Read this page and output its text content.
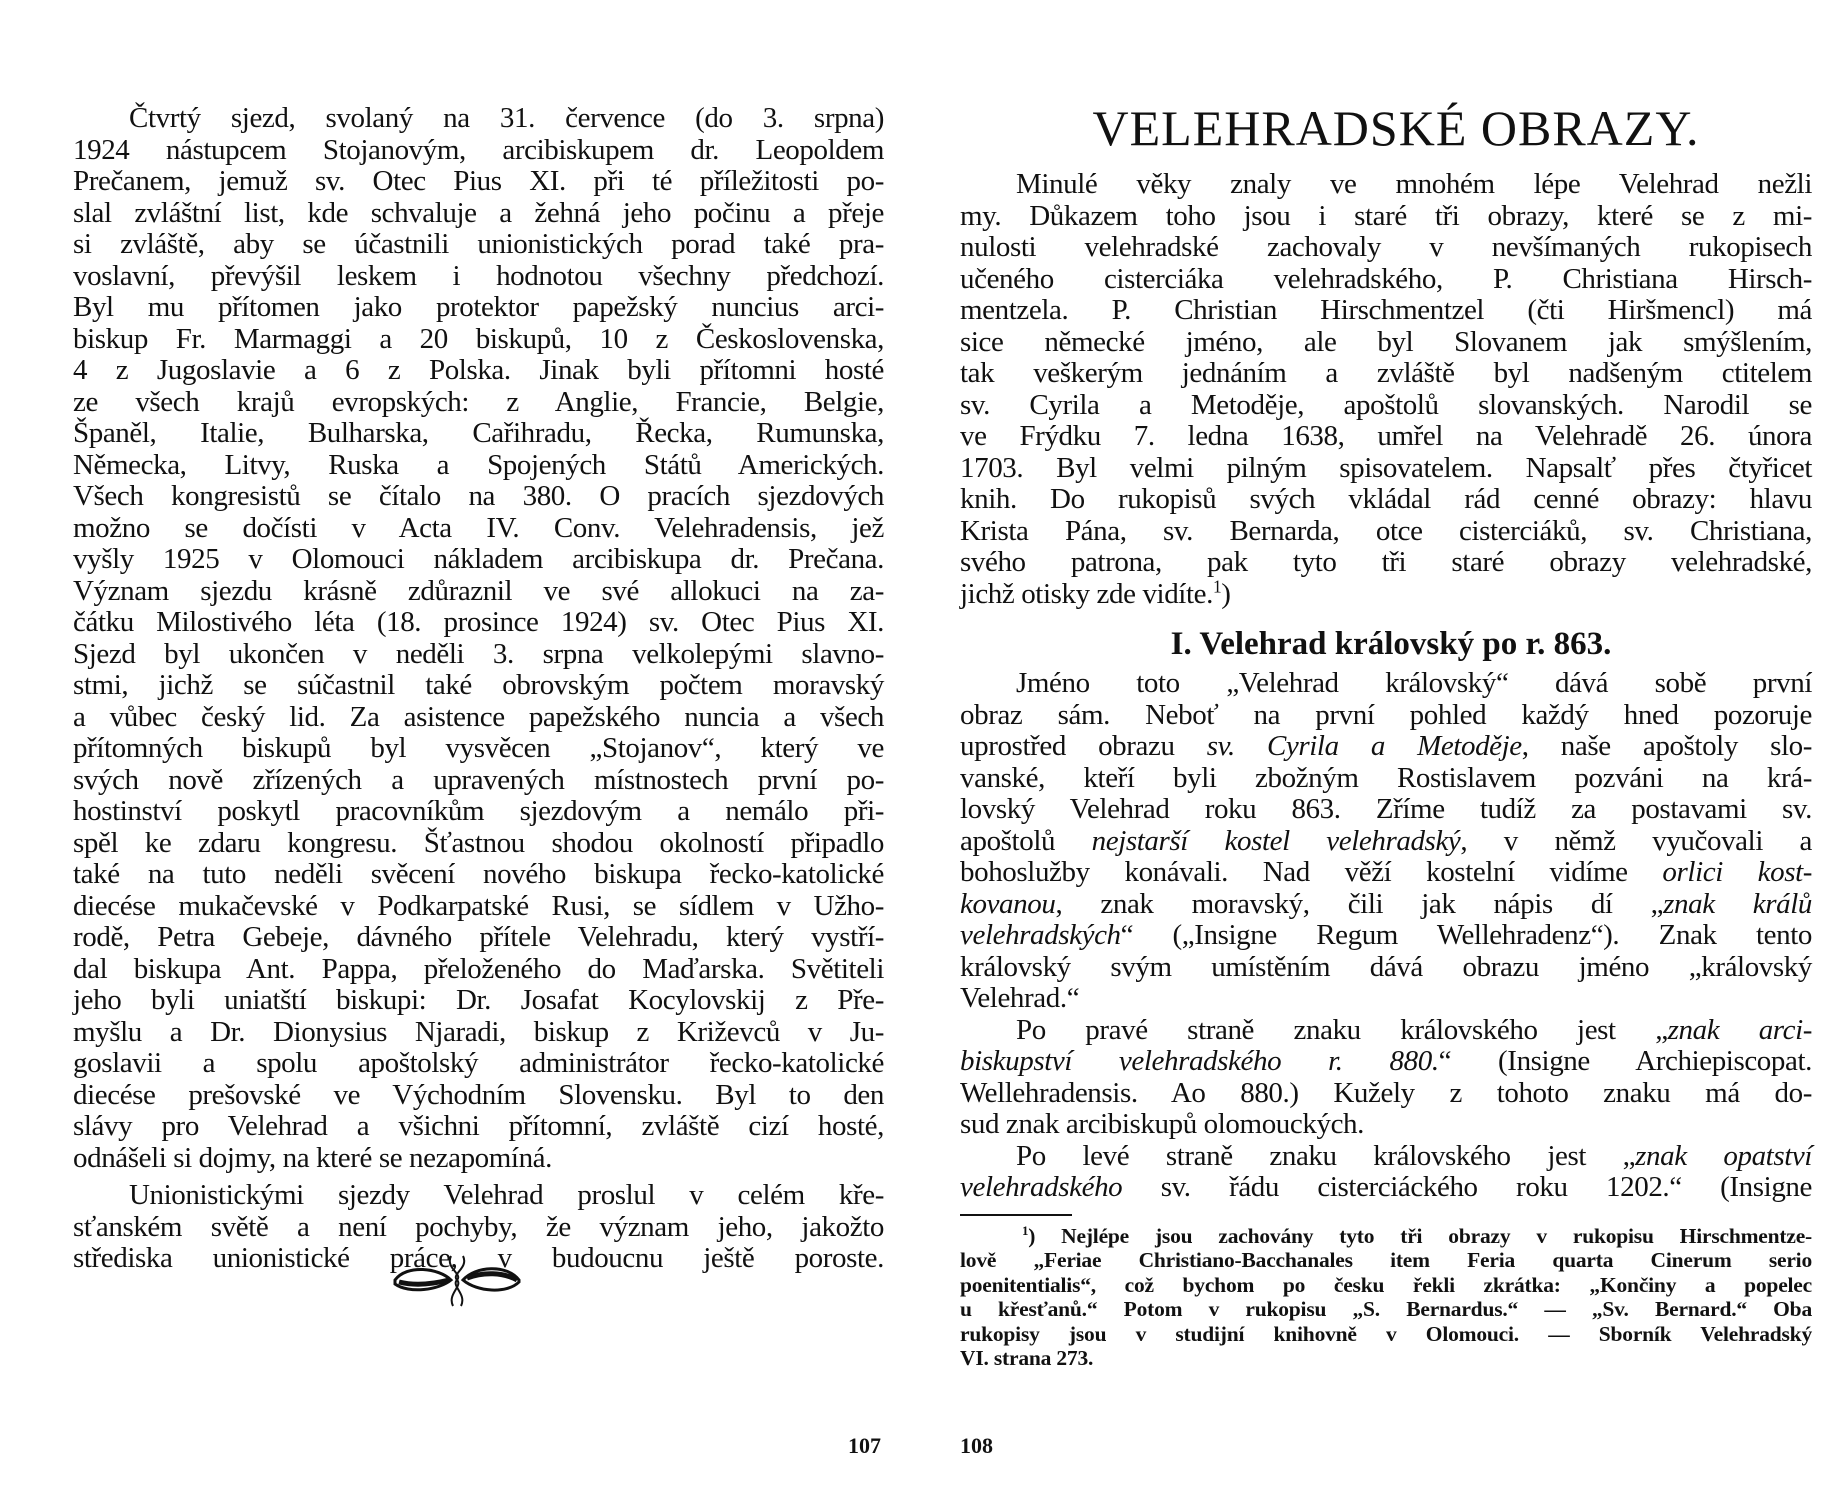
Čtvrtý sjezd, svolaný na 31. července (do 3. srpna)
1924 nástupcem Stojanovým, arcibiskupem dr. Leopoldem
Prečanem, jemuž sv. Otec Pius XI. při té příležitosti po-
slal zvláštní list, kde schvaluje a žehná jeho počinu a přeje
si zvláště, aby se účastnili unionistických porad také pra-
voslavní, převýšil leskem i hodnotou všechny předchozí.
Byl mu přítomen jako protektor papežský nuncius arci-
biskup Fr. Marmaggi a 20 biskupů, 10 z Československa,
4 z Jugoslavie a 6 z Polska. Jinak byli přítomni hosté
ze všech krajů evropských: z Anglie, Francie, Belgie,
Španěl, Italie, Bulharska, Cařihradu, Řecka, Rumunska,
Německa, Litvy, Ruska a Spojených Států Amerických.
Všech kongresistů se čítalo na 380. O pracích sjezdových
možno se dočísti v Acta IV. Conv. Velehradensis, jež
vyšly 1925 v Olomouci nákladem arcibiskupa dr. Prečana.
Význam sjezdu krásně zdůraznil ve své allokuci na za-
čátku Milostivého léta (18. prosince 1924) sv. Otec Pius XI.
Sjezd byl ukončen v neděli 3. srpna velkolepými slavno-
stmi, jichž se súčastnil také obrovským počtem moravský
a vůbec český lid. Za asistence papežského nuncia a všech
přítomných biskupů byl vysvěcen „Stojanov“, který ve
svých nově zřízených a upravených místnostech první po-
hostinství poskytl pracovníkům sjezdovým a nemálo při-
spěl ke zdaru kongresu. Šťastnou shodou okolností připadlo
také na tuto neděli svěcení nového biskupa řecko-katolické
diecése mukačevské v Podkarpatské Rusi, se sídlem v Užho-
rodě, Petra Gebeje, dávného přítele Velehradu, který vystří-
dal biskupa Ant. Pappa, přeloženého do Maďarska. Světiteli
jeho byli uniatští biskupi: Dr. Josafat Kocylovskij z Pře-
myšlu a Dr. Dionysius Njaradi, biskup z Križevců v Ju-
goslavii a spolu apoštolský administrátor řecko-katolické
diecése prešovské ve Východním Slovensku. Byl to den
slávy pro Velehrad a všichni přítomní, zvláště cizí hosté,
odnášeli si dojmy, na které se nezapomíná.
Unionistickými sjezdy Velehrad proslul v celém kře-
sťanském světě a není pochyby, že význam jeho, jakožto
střediska unionistické práce, v budoucnu ještě poroste.
107
VELEHRADSKÉ OBRAZY.
Minulé věky znaly ve mnohém lépe Velehrad nežli
my. Důkazem toho jsou i staré tři obrazy, které se z mi-
nulosti velehradské zachovaly v nevšímaných rukopisech
učeného cisterciáka velehradského, P. Christiana Hirsch-
mentzela. P. Christian Hirschmentzel (čti Hiršmencl) má
sice německé jméno, ale byl Slovanem jak smýšlením,
tak veškerým jednáním a zvláště byl nadšeným ctitelem
sv. Cyrila a Metoděje, apoštolů slovanských. Narodil se
ve Frýdku 7. ledna 1638, umřel na Velehradě 26. února
1703. Byl velmi pilným spisovatelem. Napsalť přes čtyřicet
knih. Do rukopisů svých vkládal rád cenné obrazy: hlavu
Krista Pána, sv. Bernarda, otce cisterciáků, sv. Christiana,
svého patrona, pak tyto tři staré obrazy velehradské,
jichž otisky zde vidíte.$^1$)
I. Velehrad královský po r. 863.
Jméno toto „Velehrad královský“ dává sobě první
obraz sám. Neboť na první pohled každý hned pozoruje
uprostřed obrazu sv. Cyrila a Metoděje, naše apoštoly slo-
vanské, kteří byli zbožným Rostislavem pozváni na krá-
lovský Velehrad roku 863. Zříme tudíž za postavami sv.
apoštolů nejstarší kostel velehradský, v němž vyučovali a
bohoslužby konávali. Nad věží kostelní vidíme orlici kost-
kovanou, znak moravský, čili jak nápis dí „znak králů
velehradských“ („Insigne Regum Wellehradenz“). Znak tento
královský svým umístěním dává obrazu jméno „královský
Velehrad.“
Po pravé straně znaku královského jest „znak arci-
biskupství velehradského r. 880.“ (Insigne Archiepiscopat.
Wellehradensis. Ao 880.) Kužely z tohoto znaku má do-
sud znak arcibiskupů olomouckých.
Po levé straně znaku královského jest „znak opatství
velehradského sv. řádu cisterciáckého roku 1202.“ (Insigne
$^1$) Nejlépe jsou zachovány tyto tři obrazy v rukopisu Hirschmentze-
lově „Feriae Christiano-Bacchanales item Feria quarta Cinerum serio
poenitentialis“, což bychom po česku řekli zkrátka: „Končiny a popelec
u křesťanů.“ Potom v rukopisu „S. Bernardus.“ — „Sv. Bernard.“ Oba
rukopisy jsou v studijní knihovně v Olomouci. — Sborník Velehradský
VI. strana 273.
108
